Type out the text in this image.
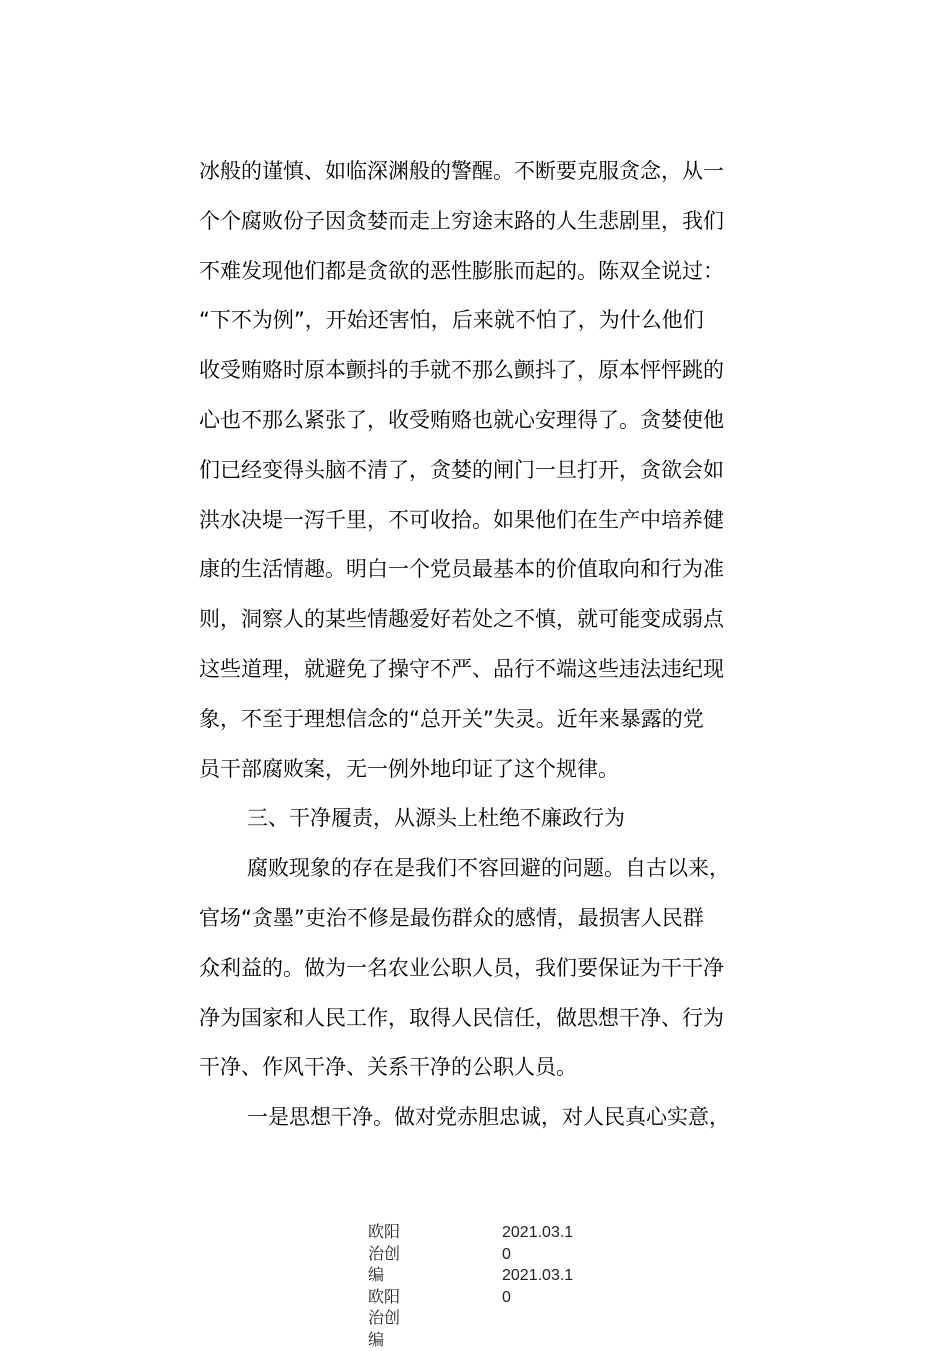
冰般的谨慎、如临深渊般的警醒。不断要克服贪念，从一
个个腐败份子因贪婪而走上穷途末路的人生悲剧里，我们
不难发现他们都是贪欲的恶性膨胀而起的。陈双全说过：
“下不为例”，开始还害怕，后来就不怕了，为什么他们
收受贿赂时原本颤抖的手就不那么颤抖了，原本怦怦跳的
心也不那么紧张了，收受贿赂也就心安理得了。贪婪使他
们已经变得头脑不清了，贪婪的闸门一旦打开，贪欲会如
洪水决堤一泻千里，不可收拾。如果他们在生产中培养健
康的生活情趣。明白一个党员最基本的价值取向和行为准
则，洞察人的某些情趣爱好若处之不慎，就可能变成弱点
这些道理，就避免了操守不严、品行不端这些违法违纪现
象，不至于理想信念的“总开关”失灵。近年来暴露的党
员干部腐败案，无一例外地印证了这个规律。
三、干净履责，从源头上杜绝不廉政行为
腐败现象的存在是我们不容回避的问题。自古以来，
官场“贪墨”吏治不修是最伤群众的感情，最损害人民群
众利益的。做为一名农业公职人员，我们要保证为干干净
净为国家和人民工作，取得人民信任，做思想干净、行为
干净、作风干净、关系干净的公职人员。
一是思想干净。做对党赤胆忠诚，对人民真心实意，
欧阳
治创
编
欧阳
治创
编
2021.03.1
0
2021.03.1
0
